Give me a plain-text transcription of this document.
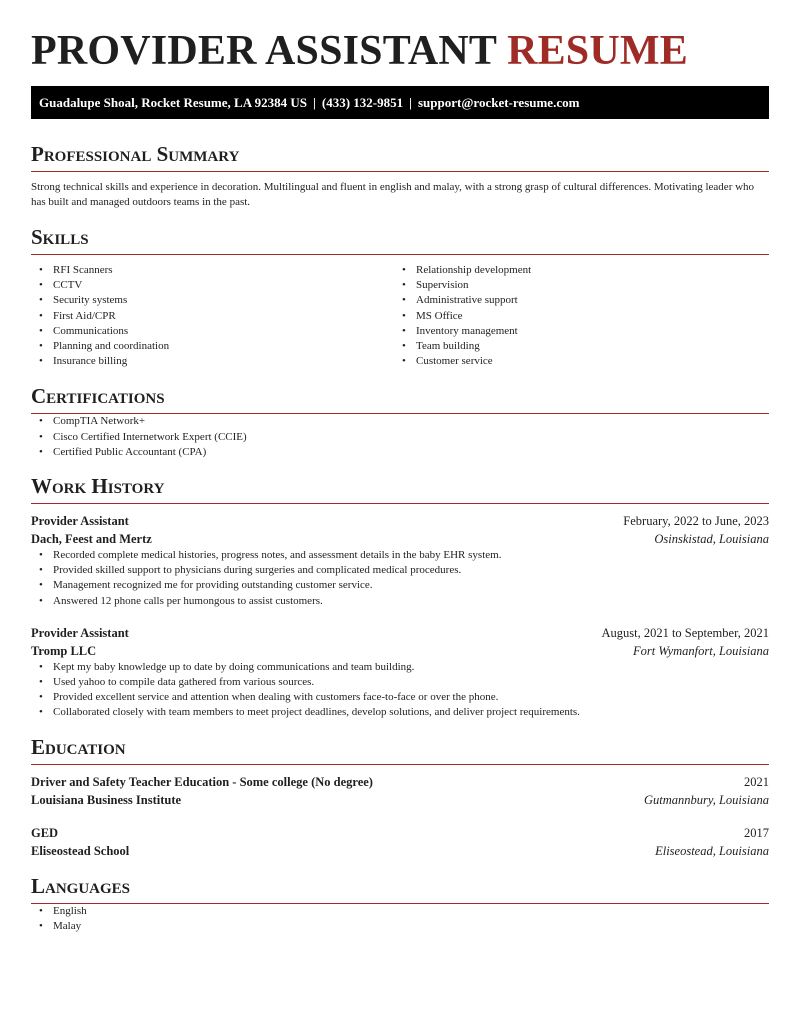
PROVIDER ASSISTANT RESUME
Guadalupe Shoal, Rocket Resume, LA 92384 US | (433) 132-9851 | support@rocket-resume.com
Professional Summary

Strong technical skills and experience in decoration. Multilingual and fluent in english and malay, with a strong grasp of cultural differences. Motivating leader who has built and managed outdoors teams in the past.

Skills
• RFI Scanners
• CCTV
• Security systems
• First Aid/CPR
• Communications
• Planning and coordination
• Insurance billing
• Relationship development
• Supervision
• Administrative support
• MS Office
• Inventory management
• Team building
• Customer service
Certifications
• CompTIA Network+
• Cisco Certified Internetwork Expert (CCIE)
• Certified Public Accountant (CPA)
Work History
Provider Assistant	February, 2022 to June, 2023
Dach, Feest and Mertz	Osinskistad, Louisiana
• Recorded complete medical histories, progress notes, and assessment details in the baby EHR system.
• Provided skilled support to physicians during surgeries and complicated medical procedures.
• Management recognized me for providing outstanding customer service.
• Answered 12 phone calls per humongous to assist customers.
Provider Assistant	August, 2021 to September, 2021
Tromp LLC	Fort Wymanfort, Louisiana
• Kept my baby knowledge up to date by doing communications and team building.
• Used yahoo to compile data gathered from various sources.
• Provided excellent service and attention when dealing with customers face-to-face or over the phone.
• Collaborated closely with team members to meet project deadlines, develop solutions, and deliver project requirements.
Education
Driver and Safety Teacher Education - Some college (No degree)	2021
Louisiana Business Institute	Gutmannbury, Louisiana
GED	2017
Eliseostead School	Eliseostead, Louisiana
Languages
• English
• Malay
